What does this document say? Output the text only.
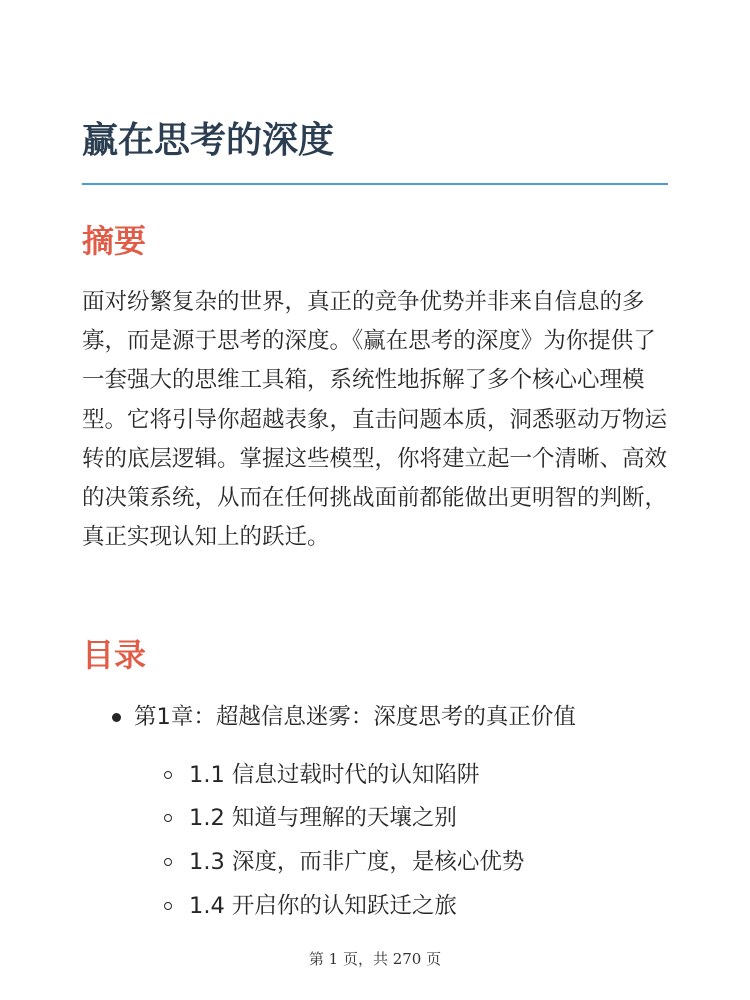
赢在思考的深度
摘要

面对纷繁复杂的世界，真正的竞争优势并非来自信息的多寡，而是源于思考的深度。《赢在思考的深度》为你提供了一套强大的思维工具箱，系统性地拆解了多个核心心理模型。它将引导你超越表象，直击问题本质，洞悉驱动万物运转的底层逻辑。掌握这些模型，你将建立起一个清晰、高效的决策系统，从而在任何挑战面前都能做出更明智的判断，真正实现认知上的跃迁。

目录
第1章：超越信息迷雾：深度思考的真正价值
1.1 信息过载时代的认知陷阱
1.2 知道与理解的天壤之别
1.3 深度，而非广度，是核心优势
1.4 开启你的认知跃迁之旅
第 1 页，共 270 页
